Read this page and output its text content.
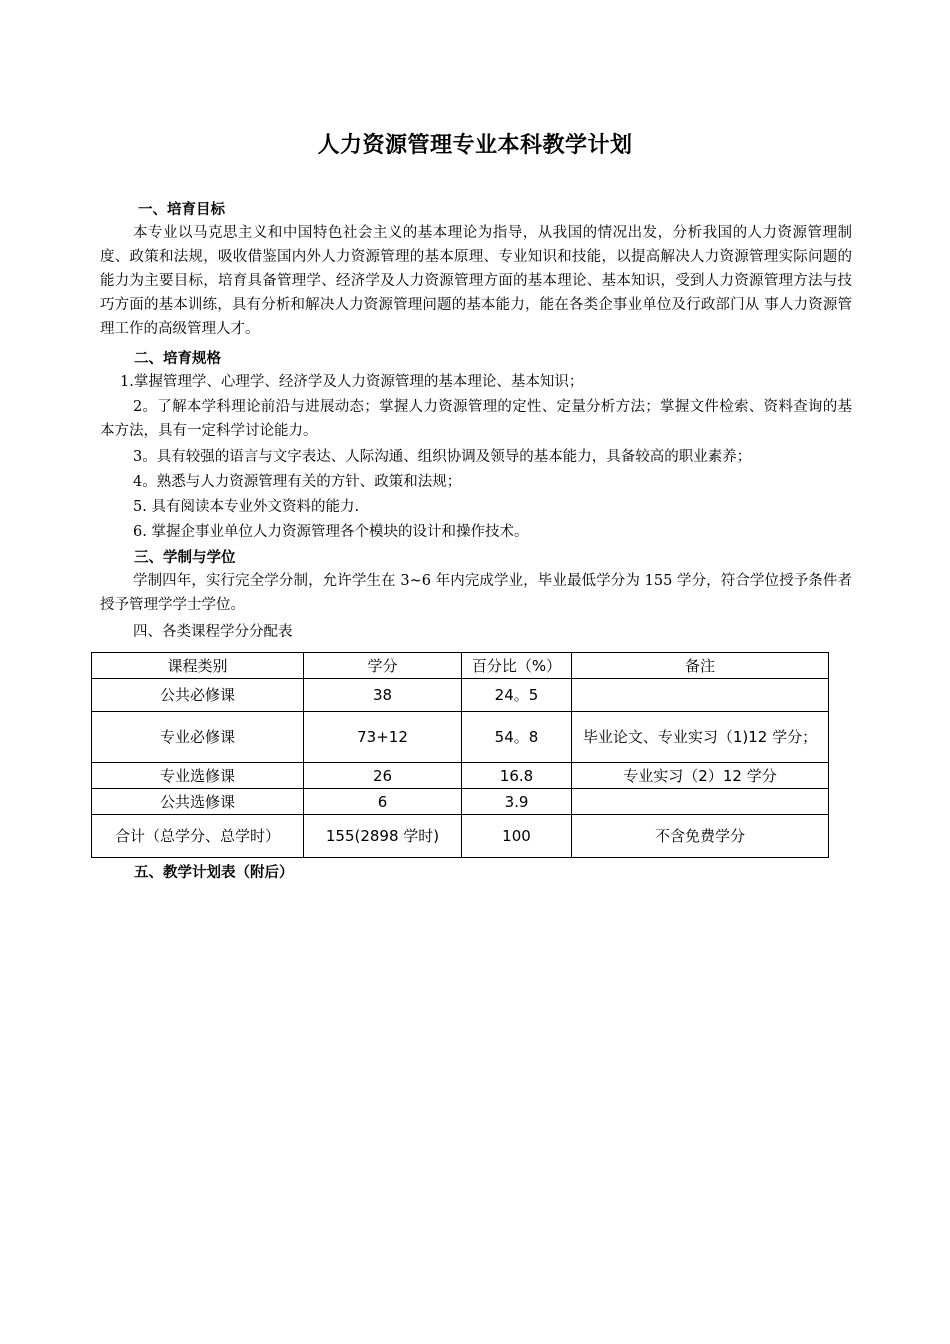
人力资源管理专业本科教学计划
一、培育目标
本专业以马克思主义和中国特色社会主义的基本理论为指导，从我国的情况出发，分析我国的人力资源管理制度、政策和法规，吸收借鉴国内外人力资源管理的基本原理、专业知识和技能，以提高解决人力资源管理实际问题的能力为主要目标，培育具备管理学、经济学及人力资源管理方面的基本理论、基本知识，受到人力资源管理方法与技巧方面的基本训练，具有分析和解决人力资源管理问题的基本能力，能在各类企事业单位及行政部门从 事人力资源管理工作的高级管理人才。
二、培育规格
1.掌握管理学、心理学、经济学及人力资源管理的基本理论、基本知识；
2。了解本学科理论前沿与进展动态；掌握人力资源管理的定性、定量分析方法；掌握文件检索、资料查询的基本方法，具有一定科学讨论能力。
3。具有较强的语言与文字表达、人际沟通、组织协调及领导的基本能力，具备较高的职业素养；
4。熟悉与人力资源管理有关的方针、政策和法规；
5. 具有阅读本专业外文资料的能力.
6. 掌握企事业单位人力资源管理各个模块的设计和操作技术。
三、学制与学位
学制四年，实行完全学分制，允许学生在 3~6 年内完成学业，毕业最低学分为 155 学分，符合学位授予条件者授予管理学学士学位。
四、各类课程学分分配表
课程类别	学分	百分比（%）	备注
公共必修课	38	24。5	
专业必修课	73+12	54。8	毕业论文、专业实习（1)12 学分；
专业选修课	26	16.8	专业实习（2）12 学分
公共选修课	6	3.9	
合计（总学分、总学时）	155(2898 学时)	100	不含免费学分
五、教学计划表（附后）
